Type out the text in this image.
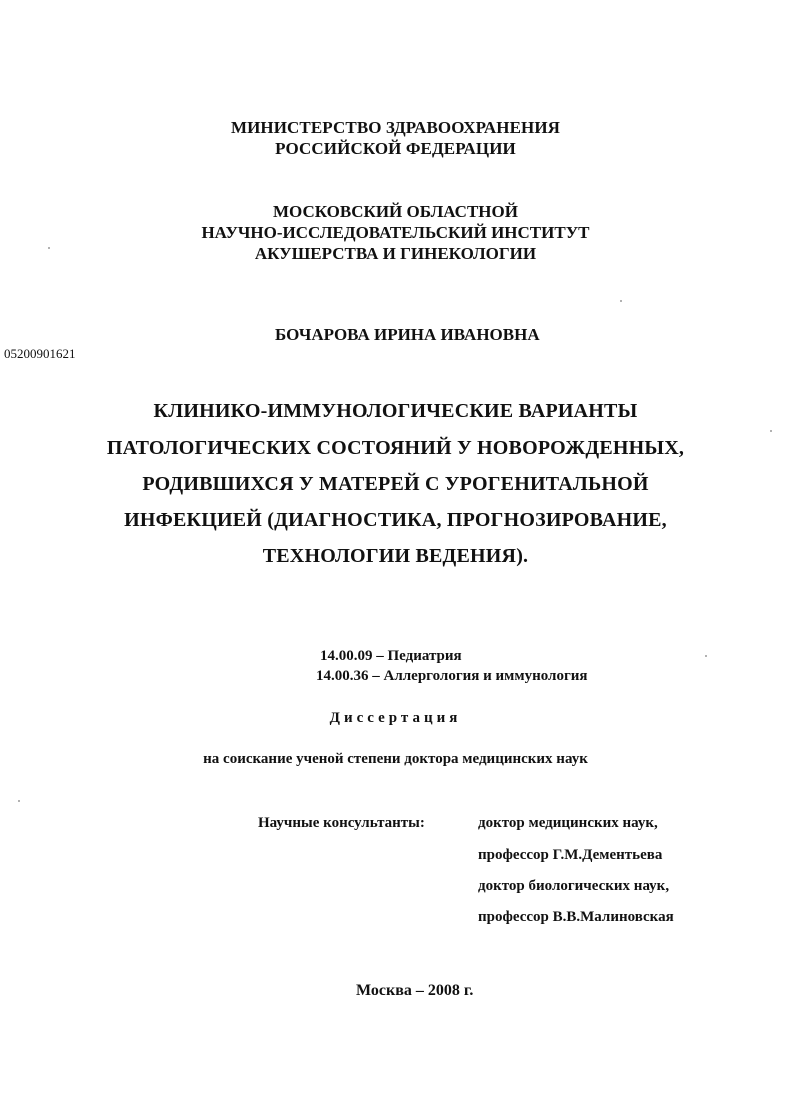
МИНИСТЕРСТВО ЗДРАВООХРАНЕНИЯ
РОССИЙСКОЙ ФЕДЕРАЦИИ
МОСКОВСКИЙ ОБЛАСТНОЙ
НАУЧНО-ИССЛЕДОВАТЕЛЬСКИЙ ИНСТИТУТ
АКУШЕРСТВА И ГИНЕКОЛОГИИ
БОЧАРОВА ИРИНА ИВАНОВНА
05200901621
КЛИНИКО-ИММУНОЛОГИЧЕСКИЕ ВАРИАНТЫ
ПАТОЛОГИЧЕСКИХ СОСТОЯНИЙ У НОВОРОЖДЕННЫХ,
РОДИВШИХСЯ У МАТЕРЕЙ С УРОГЕНИТАЛЬНОЙ
ИНФЕКЦИЕЙ (ДИАГНОСТИКА, ПРОГНОЗИРОВАНИЕ,
ТЕХНОЛОГИИ ВЕДЕНИЯ).
14.00.09 – Педиатрия
14.00.36 – Аллергология и иммунология
Диссертация
на соискание ученой степени доктора медицинских наук
Научные консультанты:	доктор медицинских наук,
профессор Г.М.Дементьева
доктор биологических наук,
профессор В.В.Малиновская
Москва – 2008 г.
